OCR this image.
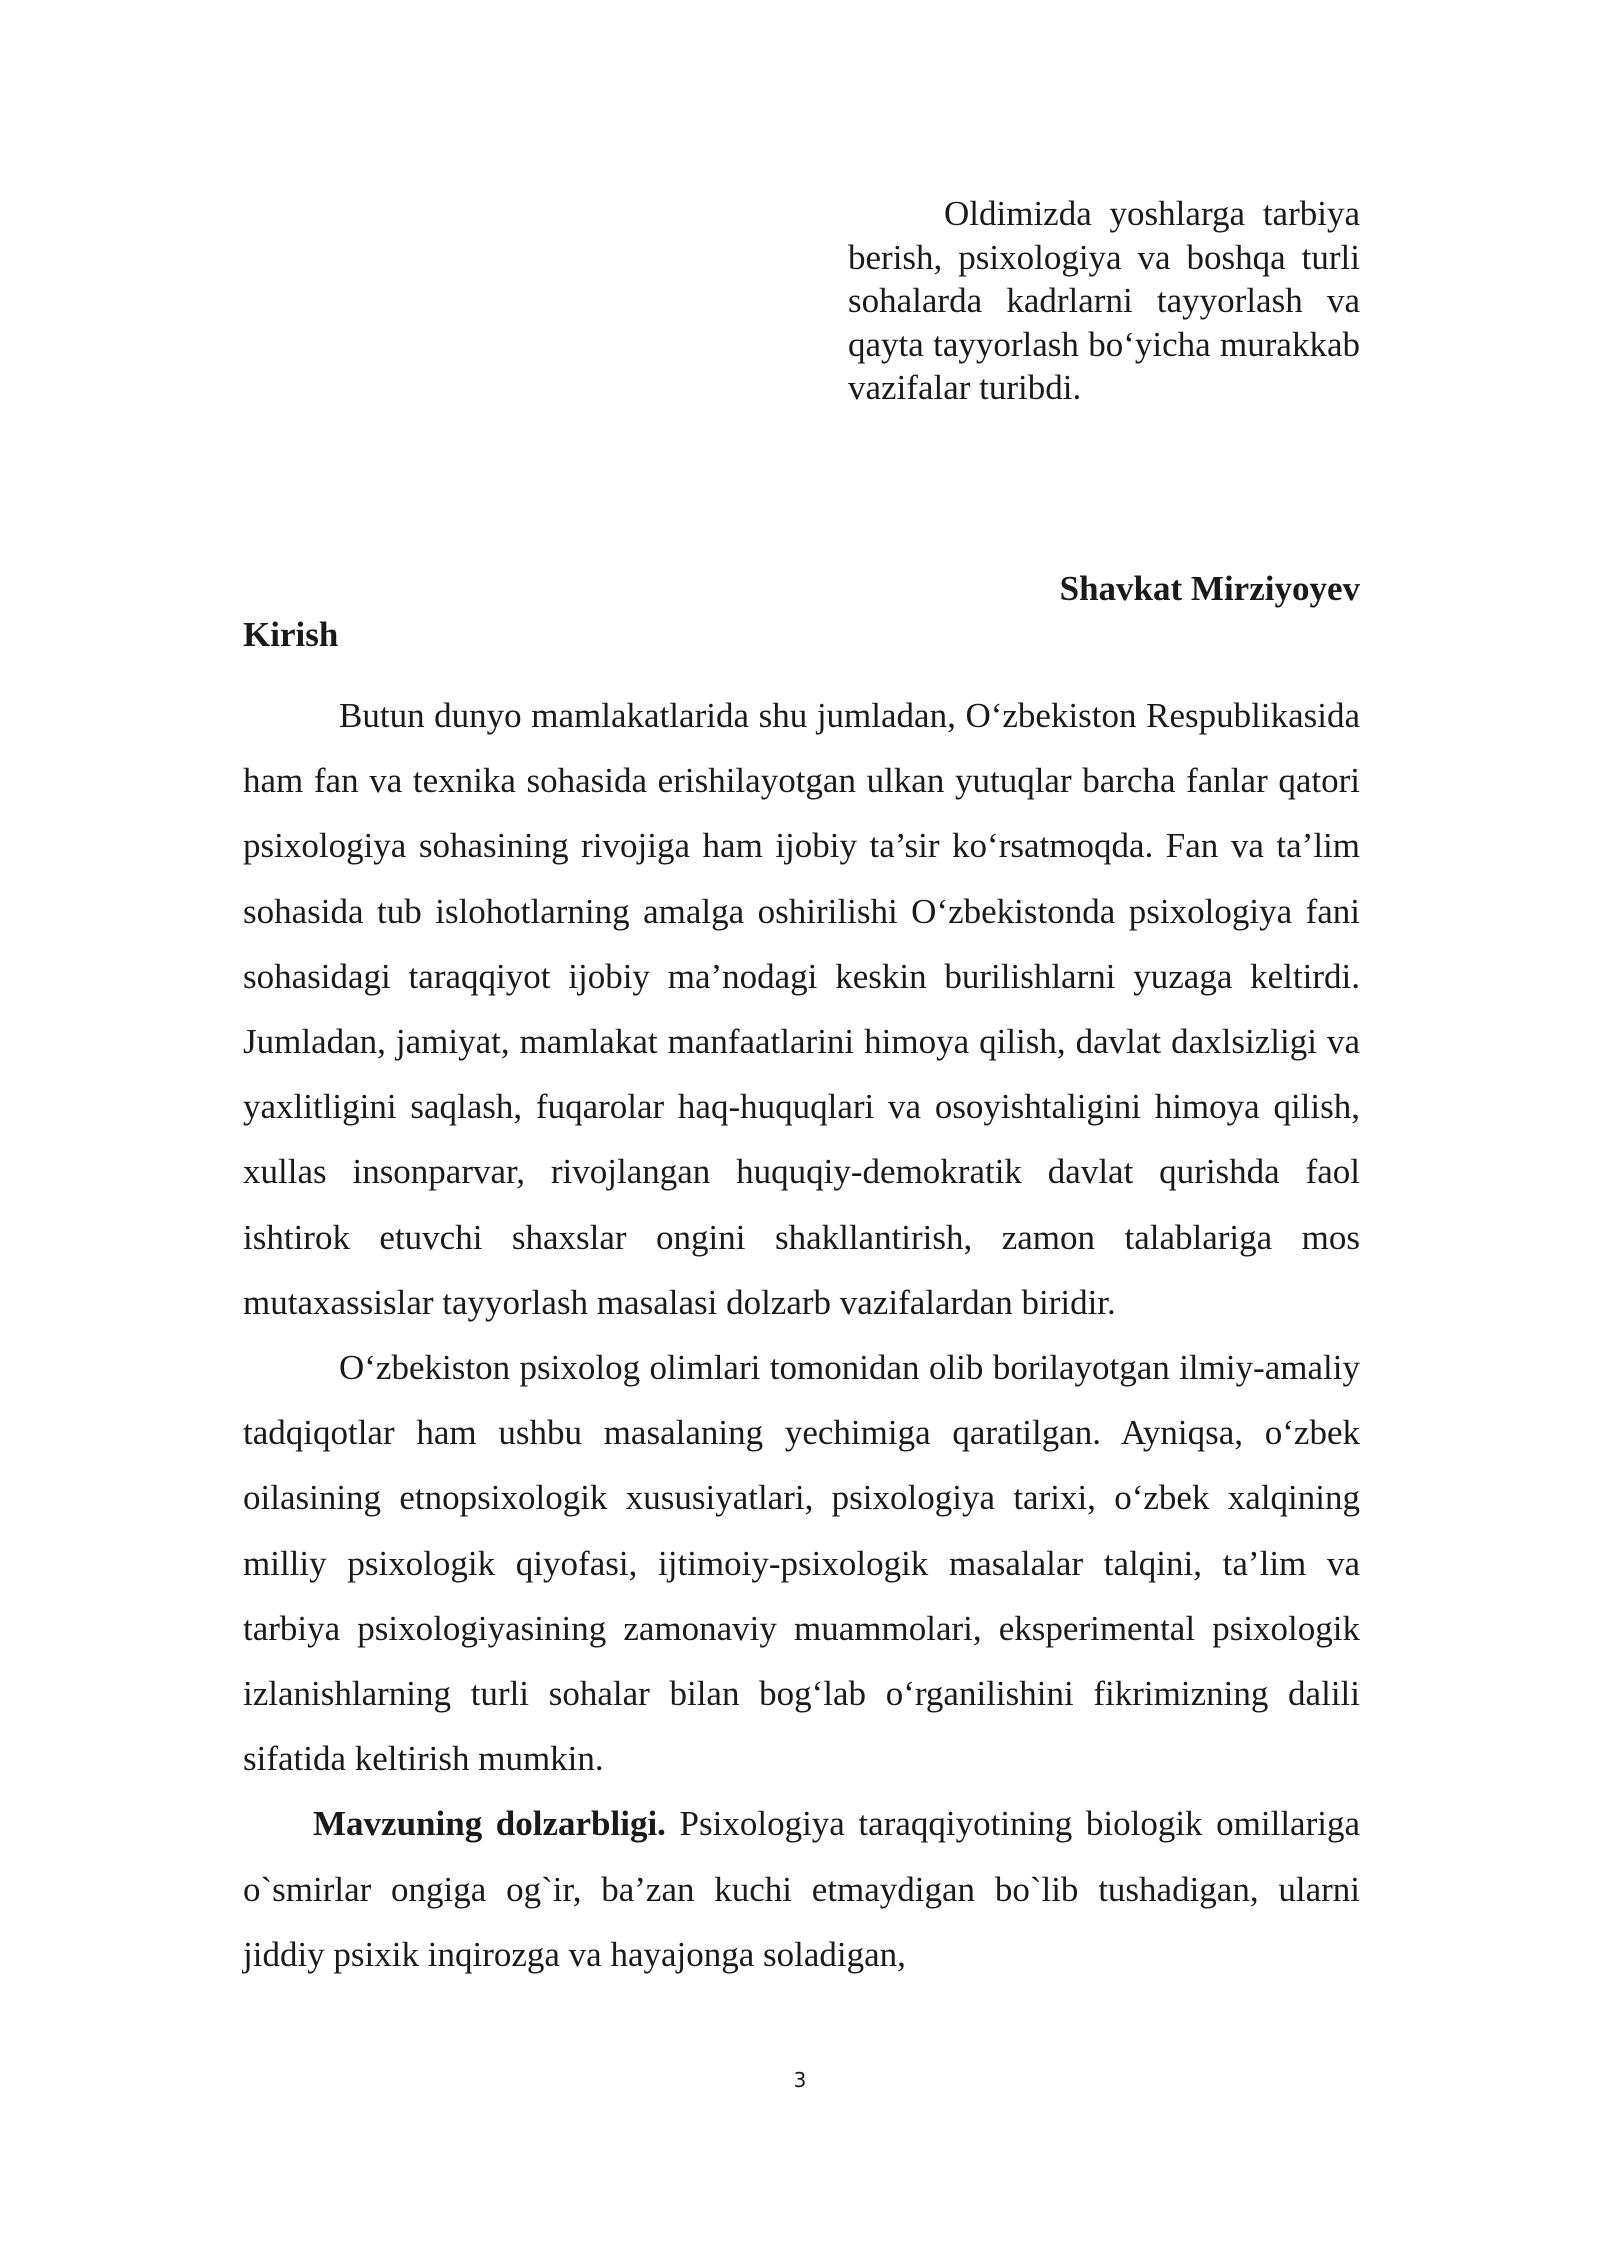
Oldimizda yoshlarga tarbiya berish, psixologiya va boshqa turli sohalarda kadrlarni tayyorlash va qayta tayyorlash bo‘yicha murakkab vazifalar turibdi.

Shavkat Mirziyoyev

Kirish

Butun dunyo mamlakatlarida shu jumladan, O‘zbekiston Respublikasida ham fan va texnika sohasida erishilayotgan ulkan yutuqlar barcha fanlar qatori psixologiya sohasining rivojiga ham ijobiy ta’sir ko‘rsatmoqda. Fan va ta’lim sohasida tub islohotlarning amalga oshirilishi O‘zbekistonda psixologiya fani sohasidagi taraqqiyot ijobiy ma’nodagi keskin burilishlarni yuzaga keltirdi. Jumladan, jamiyat, mamlakat manfaatlarini himoya qilish, davlat daxlsizligi va yaxlitligini saqlash, fuqarolar haq-huquqlari va osoyishtaligini himoya qilish, xullas insonparvar, rivojlangan huquqiy-demokratik davlat qurishda faol ishtirok etuvchi shaxslar ongini shakllantirish, zamon talablariga mos mutaxassislar tayyorlash masalasi dolzarb vazifalardan biridir.

O‘zbekiston psixolog olimlari tomonidan olib borilayotgan ilmiy-amaliy tadqiqotlar ham ushbu masalaning yechimiga qaratilgan. Ayniqsa, o‘zbek oilasining etnopsixologik xususiyatlari, psixologiya tarixi, o‘zbek xalqining milliy psixologik qiyofasi, ijtimoiy-psixologik masalalar talqini, ta’lim va tarbiya psixologiyasining zamonaviy muammolari, eksperimental psixologik izlanishlarning turli sohalar bilan bog‘lab o‘rganilishini fikrimizning dalili sifatida keltirish mumkin.

Mavzuning dolzarbligi. Psixologiya taraqqiyotining biologik omillariga o`smirlar ongiga og`ir, ba’zan kuchi etmaydigan bo`lib tushadigan, ularni jiddiy psixik inqirozga va hayajonga soladigan,

3
